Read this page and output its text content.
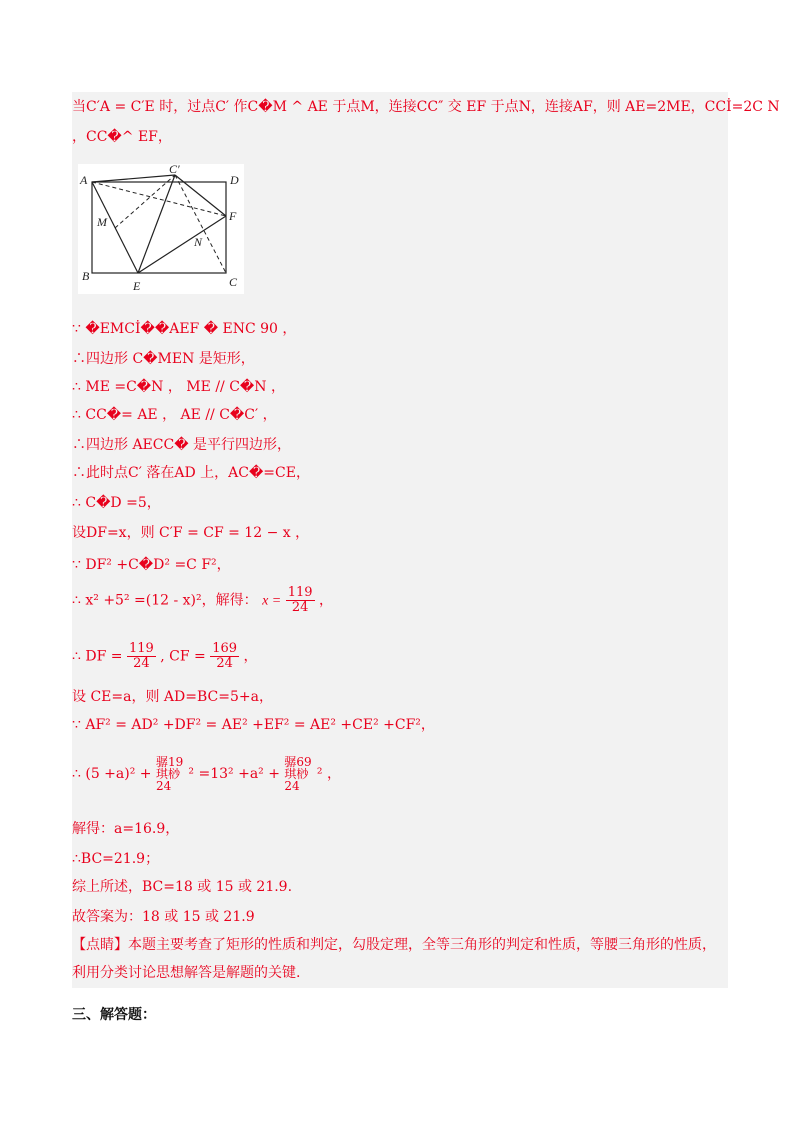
当C′A = C′E 时，过点C′ 作C�M ^ AE 于点M，连接CC″ 交 EF 于点N，连接AF，则 AE=2ME，CCİ=2C N
，CC�^ EF，
A
C′
D
M	F
N
B
E	C
∵ �EMCİ��AEF � ENC 90 ，
∴四边形 C�MEN 是矩形，
∴ ME =C�N ， ME // C�N ，
∴ CC�= AE ， AE // C�C′ ，
∴四边形 AECC� 是平行四边形，
∴此时点C′ 落在AD 上，AC�=CE，
∴ C�D =5，
设DF=x，则 C′F = CF = 12 − x ，
∵ DF² +C�D² =C F²，
∴ x² +5² =(12 - x)²，解得： $x = \frac{119}{24}$ ，
∴ DF = $\frac{119}{24}$ , CF = $\frac{169}{24}$ ，
设 CE=a，则 AD=BC=5+a，
∵ AF² = AD² +DF² = AE² +EF² = AE² +CE² +CF²，
∴ (5 +a)² + 骣19 琪桫24 ² =13² +a² + 骣69 琪桫24 ² ，
解得：a=16.9，
∴BC=21.9；
综上所述，BC=18 或 15 或 21.9.
故答案为：18 或 15 或 21.9
【点睛】本题主要考查了矩形的性质和判定，勾股定理，全等三角形的判定和性质，等腰三角形的性质，
利用分类讨论思想解答是解题的关键.
三、解答题：
